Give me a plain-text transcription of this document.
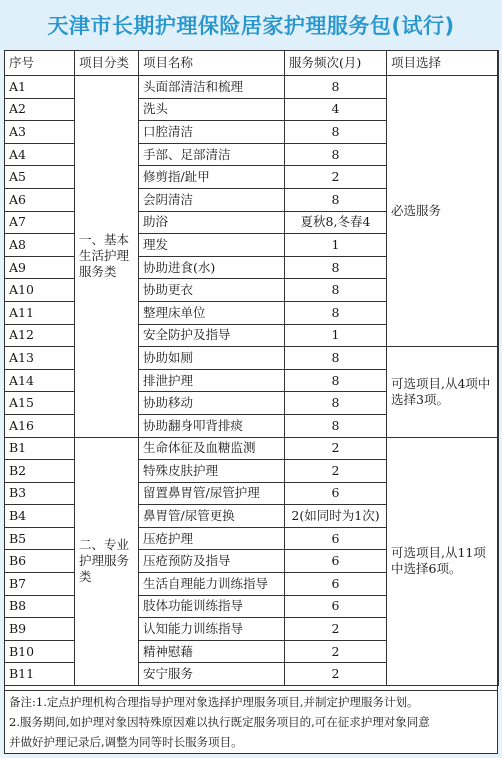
天津市长期护理保险居家护理服务包(试行)
序号	项目分类	项目名称	服务频次(月)	项目选择
A1	一、基本生活护理服务类	头面部清洁和梳理	8	必选服务
A2		洗头	4	
A3		口腔清洁	8	
A4		手部、足部清洁	8	
A5		修剪指/趾甲	2	
A6		会阴清洁	8	
A7		助浴	夏秋8,冬春4	
A8		理发	1	
A9		协助进食(水)	8	
A10		协助更衣	8	
A11		整理床单位	8	
A12		安全防护及指导	1	
A13		协助如厕	8	可选项目,从4项中选择3项。
A14		排泄护理	8	
A15		协助移动	8	
A16		协助翻身叩背排痰	8	
B1	二、专业护理服务类	生命体征及血糖监测	2	可选项目,从11项中选择6项。
B2		特殊皮肤护理	2	
B3		留置鼻胃管/尿管护理	6	
B4		鼻胃管/尿管更换	2(如同时为1次)	
B5		压疮护理	6	
B6		压疮预防及指导	6	
B7		生活自理能力训练指导	6	
B8		肢体功能训练指导	6	
B9		认知能力训练指导	2	
B10		精神慰藉	2	
B11		安宁服务	2	
备注:1.定点护理机构合理指导护理对象选择护理服务项目,并制定护理服务计划。
2.服务期间,如护理对象因特殊原因难以执行既定服务项目的,可在征求护理对象同意
并做好护理记录后,调整为同等时长服务项目。
